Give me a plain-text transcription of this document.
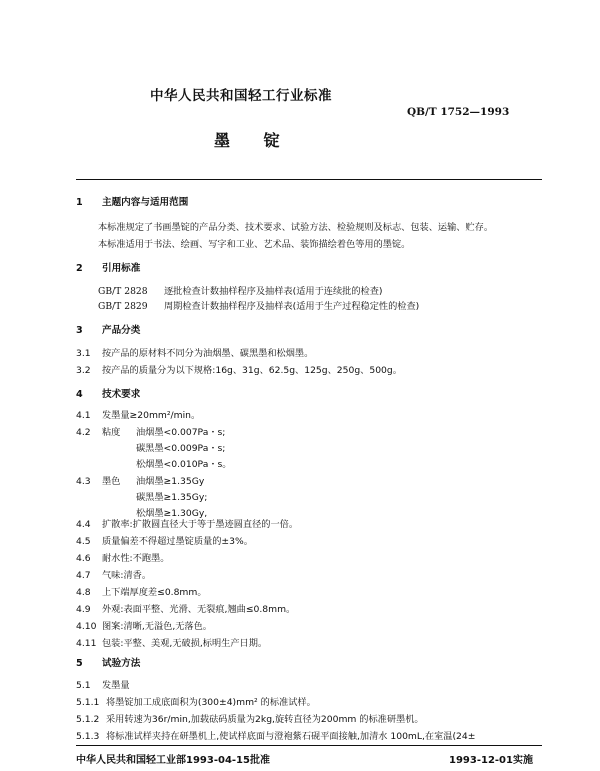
中华人民共和国轻工行业标准
QB/T 1752—1993
墨 锭
1 主题内容与适用范围
本标准规定了书画墨锭的产品分类、技术要求、试验方法、检验规则及标志、包装、运输、贮存。
本标准适用于书法、绘画、写字和工业、艺术品、装饰描绘着色等用的墨锭。
2 引用标准
GB/T 2828 逐批检查计数抽样程序及抽样表(适用于连续批的检查)
GB/T 2829 周期检查计数抽样程序及抽样表(适用于生产过程稳定性的检查)
3 产品分类
3.1 按产品的原材料不同分为油烟墨、碳黑墨和松烟墨。
3.2 按产品的质量分为以下规格:16g、31g、62.5g、125g、250g、500g。
4 技术要求
4.1 发墨量≥20mm²/min。
4.2 粘度 油烟墨<0.007Pa・s;
碳黑墨<0.009Pa・s;
松烟墨<0.010Pa・s。
4.3 墨色 油烟墨≥1.35Gy
碳黑墨≥1.35Gy;
松烟墨≥1.30Gy,
4.4 扩散率:扩散圆直径大于等于墨迹圆直径的一倍。
4.5 质量偏差不得超过墨锭质量的±3%。
4.6 耐水性:不跑墨。
4.7 气味:清香。
4.8 上下端厚度差≤0.8mm。
4.9 外观:表面平整、光滑、无裂痕,翘曲≤0.8mm。
4.10 图案:清晰,无溢色,无落色。
4.11 包装:平整、美观,无破损,标明生产日期。
5 试验方法
5.1 发墨量
5.1.1 将墨锭加工成底面积为(300±4)mm² 的标准试样。
5.1.2 采用转速为36r/min,加载砝码质量为2kg,旋转直径为200mm 的标准研墨机。
5.1.3 将标准试样夹持在研墨机上,使试样底面与澄袍紫石砚平面接触,加清水 100mL,在室温(24±
中华人民共和国轻工业部1993-04-15批准	1993-12-01实施
